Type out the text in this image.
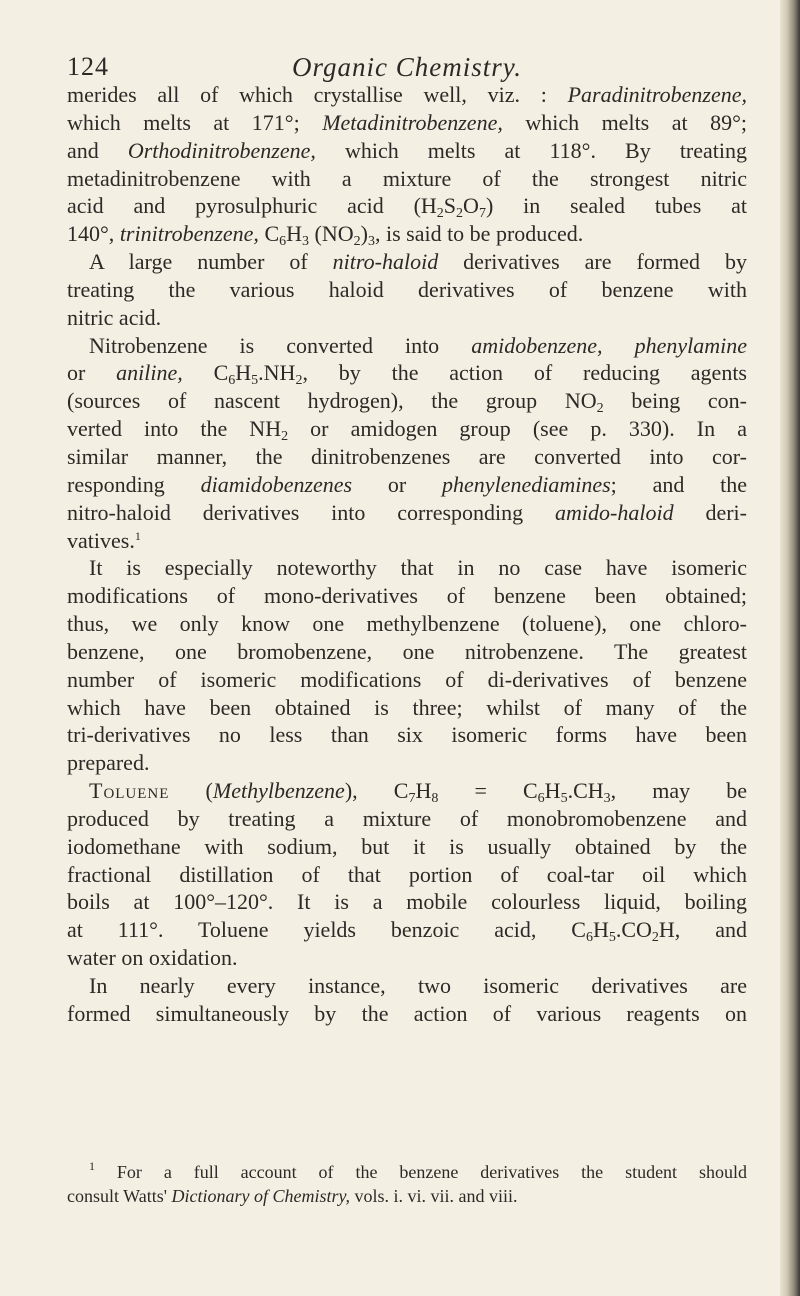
Organic Chemistry.
124
merides all of which crystallise well, viz. : Paradinitrobenzene,
which melts at 171°; Metadinitrobenzene, which melts at 89°;
and Orthodinitrobenzene, which melts at 118°. By treating
metadinitrobenzene with a mixture of the strongest nitric
acid and pyrosulphuric acid $(H_2S_2O_7)$ in sealed tubes at
140°, trinitrobenzene, $C_6H_3$ $(NO_2)_3$, is said to be produced.
A large number of nitro-haloid derivatives are formed by
treating the various haloid derivatives of benzene with
nitric acid.
Nitrobenzene is converted into amidobenzene, phenylamine
or aniline, $C_6H_5.NH_2$, by the action of reducing agents
(sources of nascent hydrogen), the group $NO_2$ being con-
verted into the $NH_2$ or amidogen group (see p. 330). In a
similar manner, the dinitrobenzenes are converted into cor-
responding diamidobenzenes or phenylenediamines; and the
nitro-haloid derivatives into corresponding amido-haloid deri-
vatives.$^1$
It is especially noteworthy that in no case have isomeric
modifications of mono-derivatives of benzene been obtained;
thus, we only know one methylbenzene (toluene), one chloro-
benzene, one bromobenzene, one nitrobenzene. The greatest
number of isomeric modifications of di-derivatives of benzene
which have been obtained is three; whilst of many of the
tri-derivatives no less than six isomeric forms have been
prepared.
Toluene (Methylbenzene), $C_7H_8 = C_6H_5.CH_3$, may be
produced by treating a mixture of monobromobenzene and
iodomethane with sodium, but it is usually obtained by the
fractional distillation of that portion of coal-tar oil which
boils at 100°–120°. It is a mobile colourless liquid, boiling
at 111°. Toluene yields benzoic acid, $C_6H_5.CO_2H$, and
water on oxidation.
In nearly every instance, two isomeric derivatives are
formed simultaneously by the action of various reagents on
$^1$ For a full account of the benzene derivatives the student should
consult Watts' Dictionary of Chemistry, vols. i. vi. vii. and viii.
